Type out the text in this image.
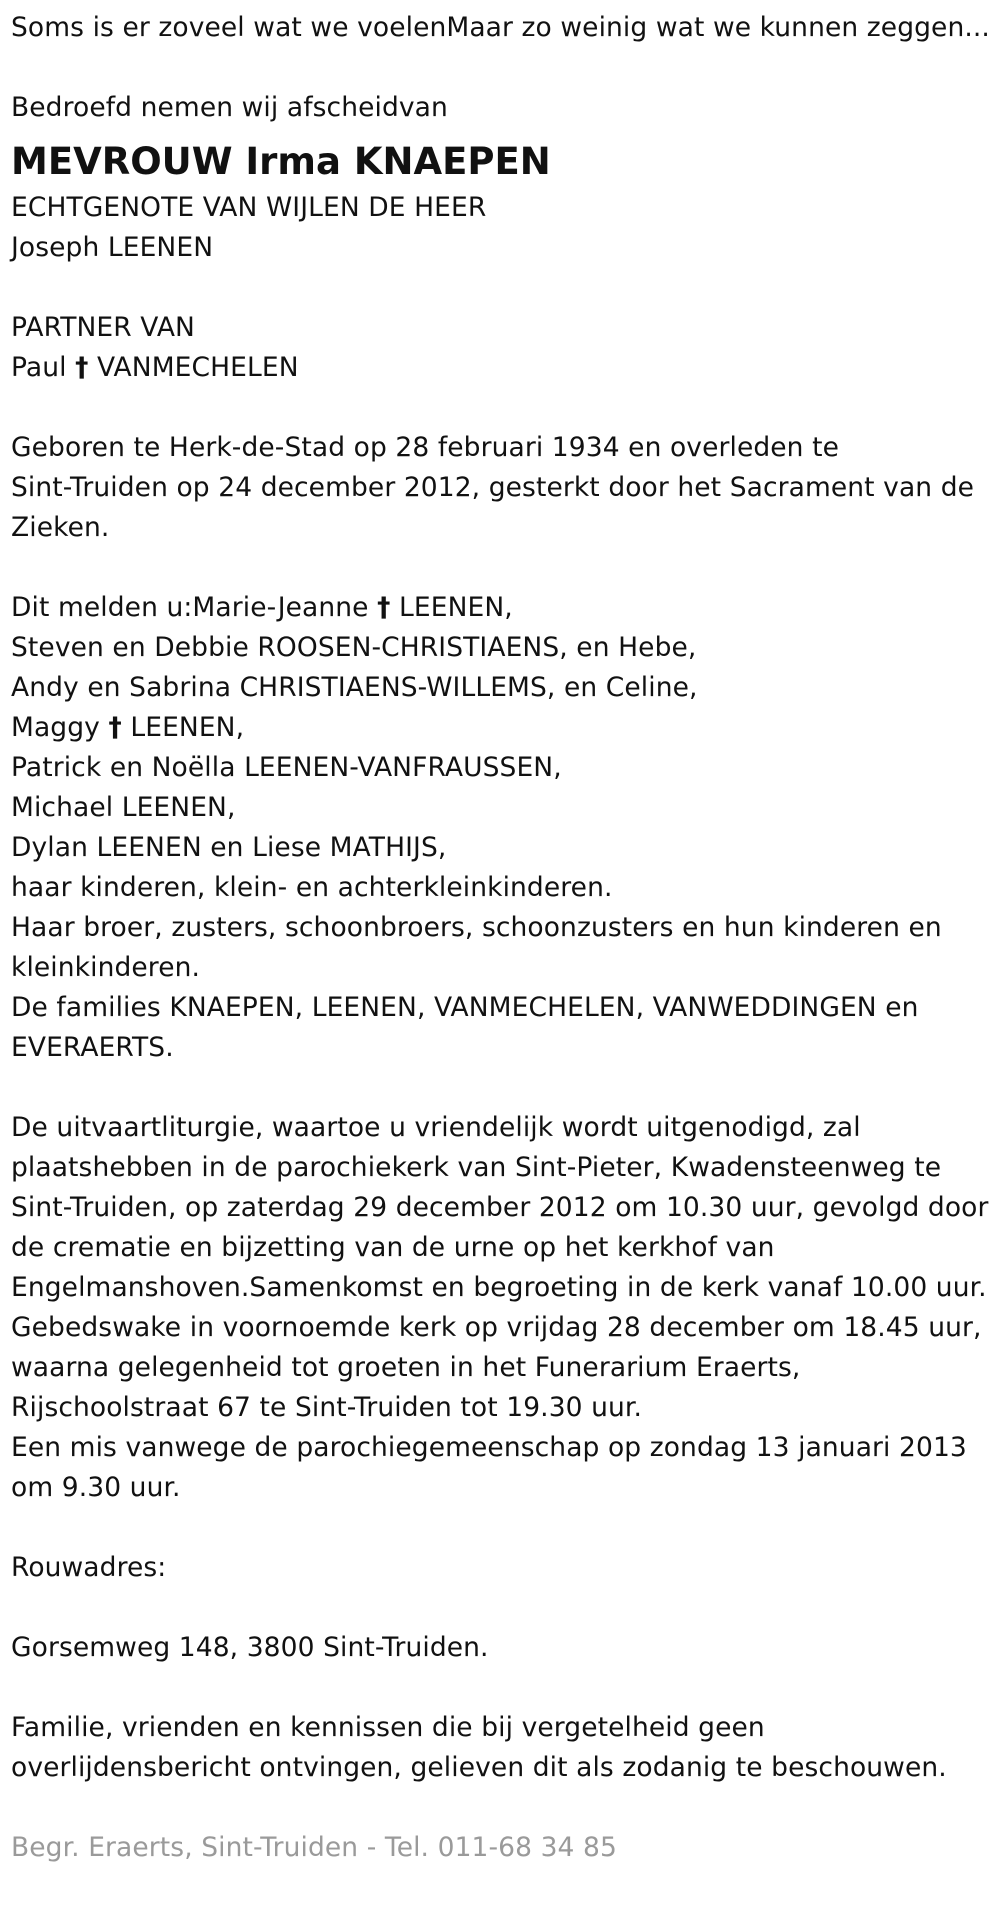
Soms is er zoveel wat we voelenMaar zo weinig wat we kunnen zeggen...
Bedroefd nemen wij afscheidvan
MEVROUW Irma KNAEPEN
ECHTGENOTE VAN WIJLEN DE HEER
Joseph LEENEN
PARTNER VAN
Paul † VANMECHELEN
Geboren te Herk-de-Stad op 28 februari 1934 en overleden te
Sint-Truiden op 24 december 2012, gesterkt door het Sacrament van de
Zieken.
Dit melden u:Marie-Jeanne † LEENEN,
Steven en Debbie ROOSEN-CHRISTIAENS, en Hebe,
Andy en Sabrina CHRISTIAENS-WILLEMS, en Celine,
Maggy † LEENEN,
Patrick en Noëlla LEENEN-VANFRAUSSEN,
Michael LEENEN,
Dylan LEENEN en Liese MATHIJS,
haar kinderen, klein- en achterkleinkinderen.
Haar broer, zusters, schoonbroers, schoonzusters en hun kinderen en
kleinkinderen.
De families KNAEPEN, LEENEN, VANMECHELEN, VANWEDDINGEN en
EVERAERTS.
De uitvaartliturgie, waartoe u vriendelijk wordt uitgenodigd, zal
plaatshebben in de parochiekerk van Sint-Pieter, Kwadensteenweg te
Sint-Truiden, op zaterdag 29 december 2012 om 10.30 uur, gevolgd door
de crematie en bijzetting van de urne op het kerkhof van
Engelmanshoven.Samenkomst en begroeting in de kerk vanaf 10.00 uur.
Gebedswake in voornoemde kerk op vrijdag 28 december om 18.45 uur,
waarna gelegenheid tot groeten in het Funerarium Eraerts,
Rijschoolstraat 67 te Sint-Truiden tot 19.30 uur.
Een mis vanwege de parochiegemeenschap op zondag 13 januari 2013
om 9.30 uur.
Rouwadres:
Gorsemweg 148, 3800 Sint-Truiden.
Familie, vrienden en kennissen die bij vergetelheid geen
overlijdensbericht ontvingen, gelieven dit als zodanig te beschouwen.
Begr. Eraerts, Sint-Truiden - Tel. 011-68 34 85
